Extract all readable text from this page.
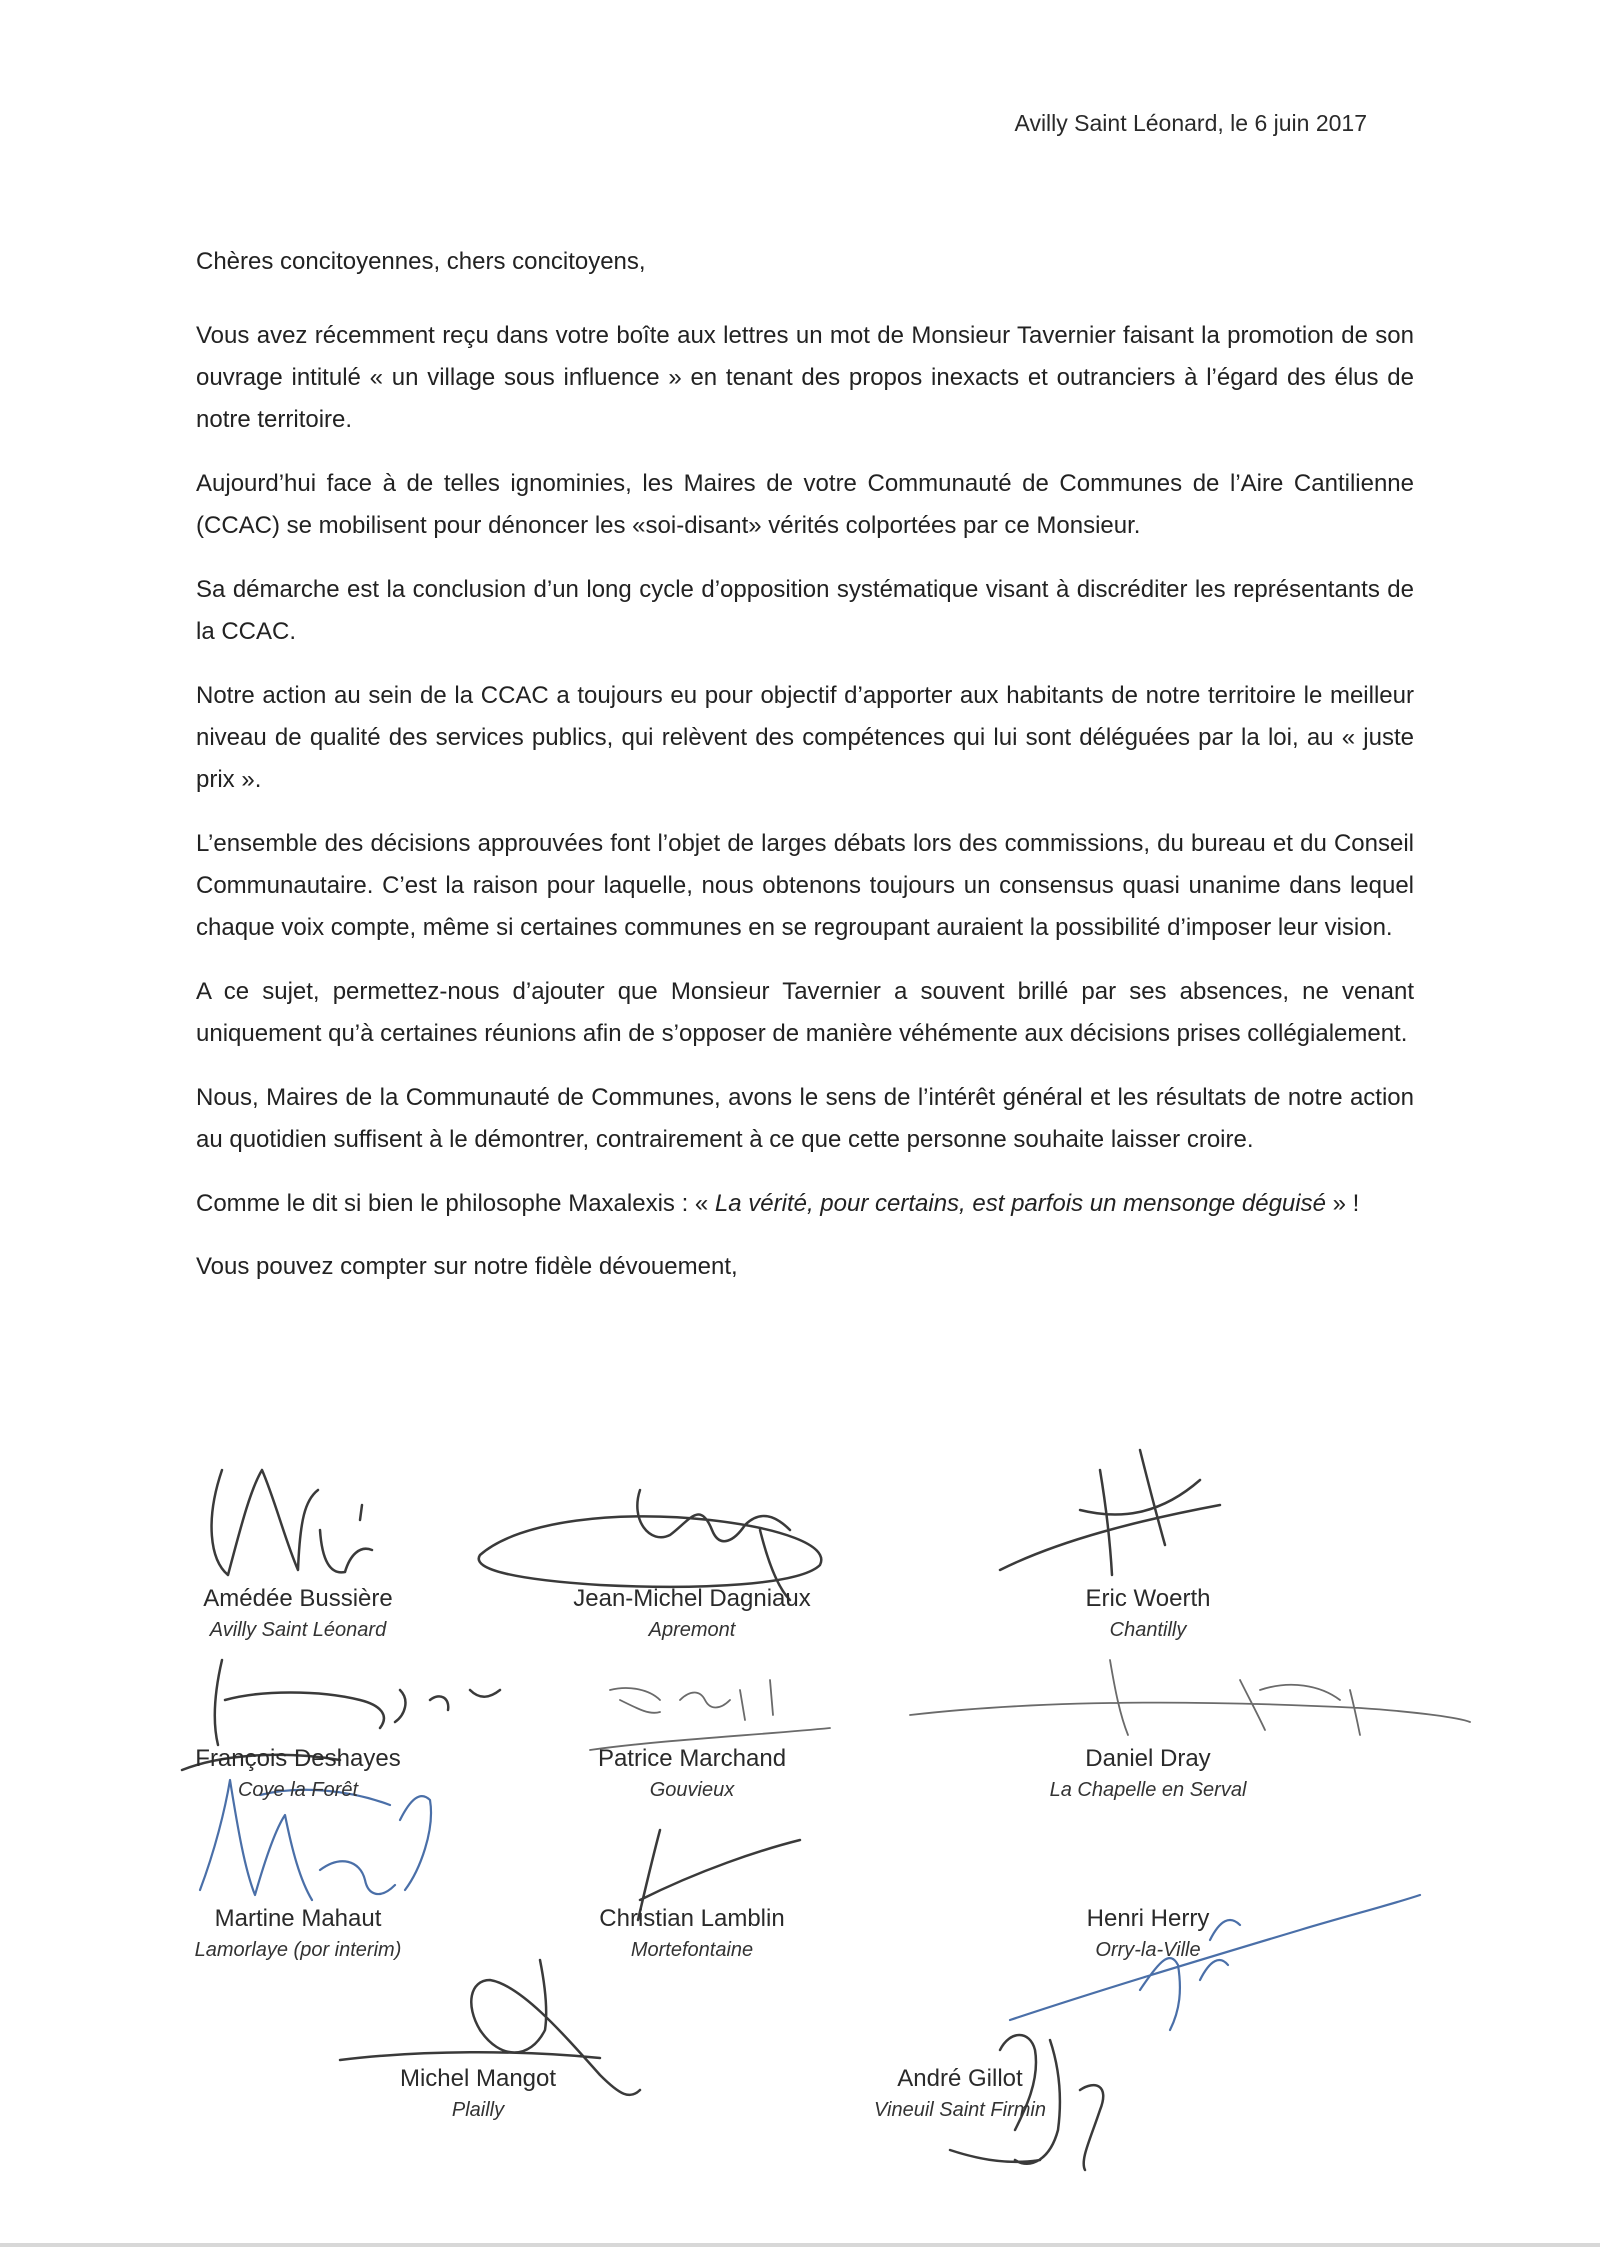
Avilly Saint Léonard, le 6 juin 2017

Chères concitoyennes, chers concitoyens,

Vous avez récemment reçu dans votre boîte aux lettres un mot de Monsieur Tavernier faisant la promotion de son ouvrage intitulé « un village sous influence » en tenant des propos inexacts et outranciers à l’égard des élus de notre territoire.

Aujourd’hui face à de telles ignominies, les Maires de votre Communauté de Communes de l’Aire Cantilienne (CCAC) se mobilisent pour dénoncer les «soi-disant» vérités colportées par ce Monsieur.

Sa démarche est la conclusion d’un long cycle d’opposition systématique visant à discréditer les représentants de la CCAC.

Notre action au sein de la CCAC a toujours eu pour objectif d’apporter aux habitants de notre territoire le meilleur niveau de qualité des services publics, qui relèvent des compétences qui lui sont déléguées par la loi, au « juste prix ».

L’ensemble des décisions approuvées font l’objet de larges débats lors des commissions, du bureau et du Conseil Communautaire. C’est la raison pour laquelle, nous obtenons toujours un consensus quasi unanime dans lequel chaque voix compte, même si certaines communes en se regroupant auraient la possibilité d’imposer leur vision.

A ce sujet, permettez-nous d’ajouter que Monsieur Tavernier a souvent brillé par ses absences, ne venant uniquement qu’à certaines réunions afin de s’opposer de manière véhémente aux décisions prises collégialement.

Nous, Maires de la Communauté de Communes, avons le sens de l’intérêt général et les résultats de notre action au quotidien suffisent à le démontrer, contrairement à ce que cette personne souhaite laisser croire.

Comme le dit si bien le philosophe Maxalexis : « La vérité, pour certains, est parfois un mensonge déguisé » !

Vous pouvez compter sur notre fidèle dévouement,

Amédée Bussière
Avilly Saint Léonard
Jean-Michel Dagniaux
Apremont
Eric Woerth
Chantilly
François Deshayes
Coye la Forêt
Patrice Marchand
Gouvieux
Daniel Dray
La Chapelle en Serval
Martine Mahaut
Lamorlaye (por interim)
Christian Lamblin
Mortefontaine
Henri Herry
Orry-la-Ville
Michel Mangot
Plailly
André Gillot
Vineuil Saint Firmin
